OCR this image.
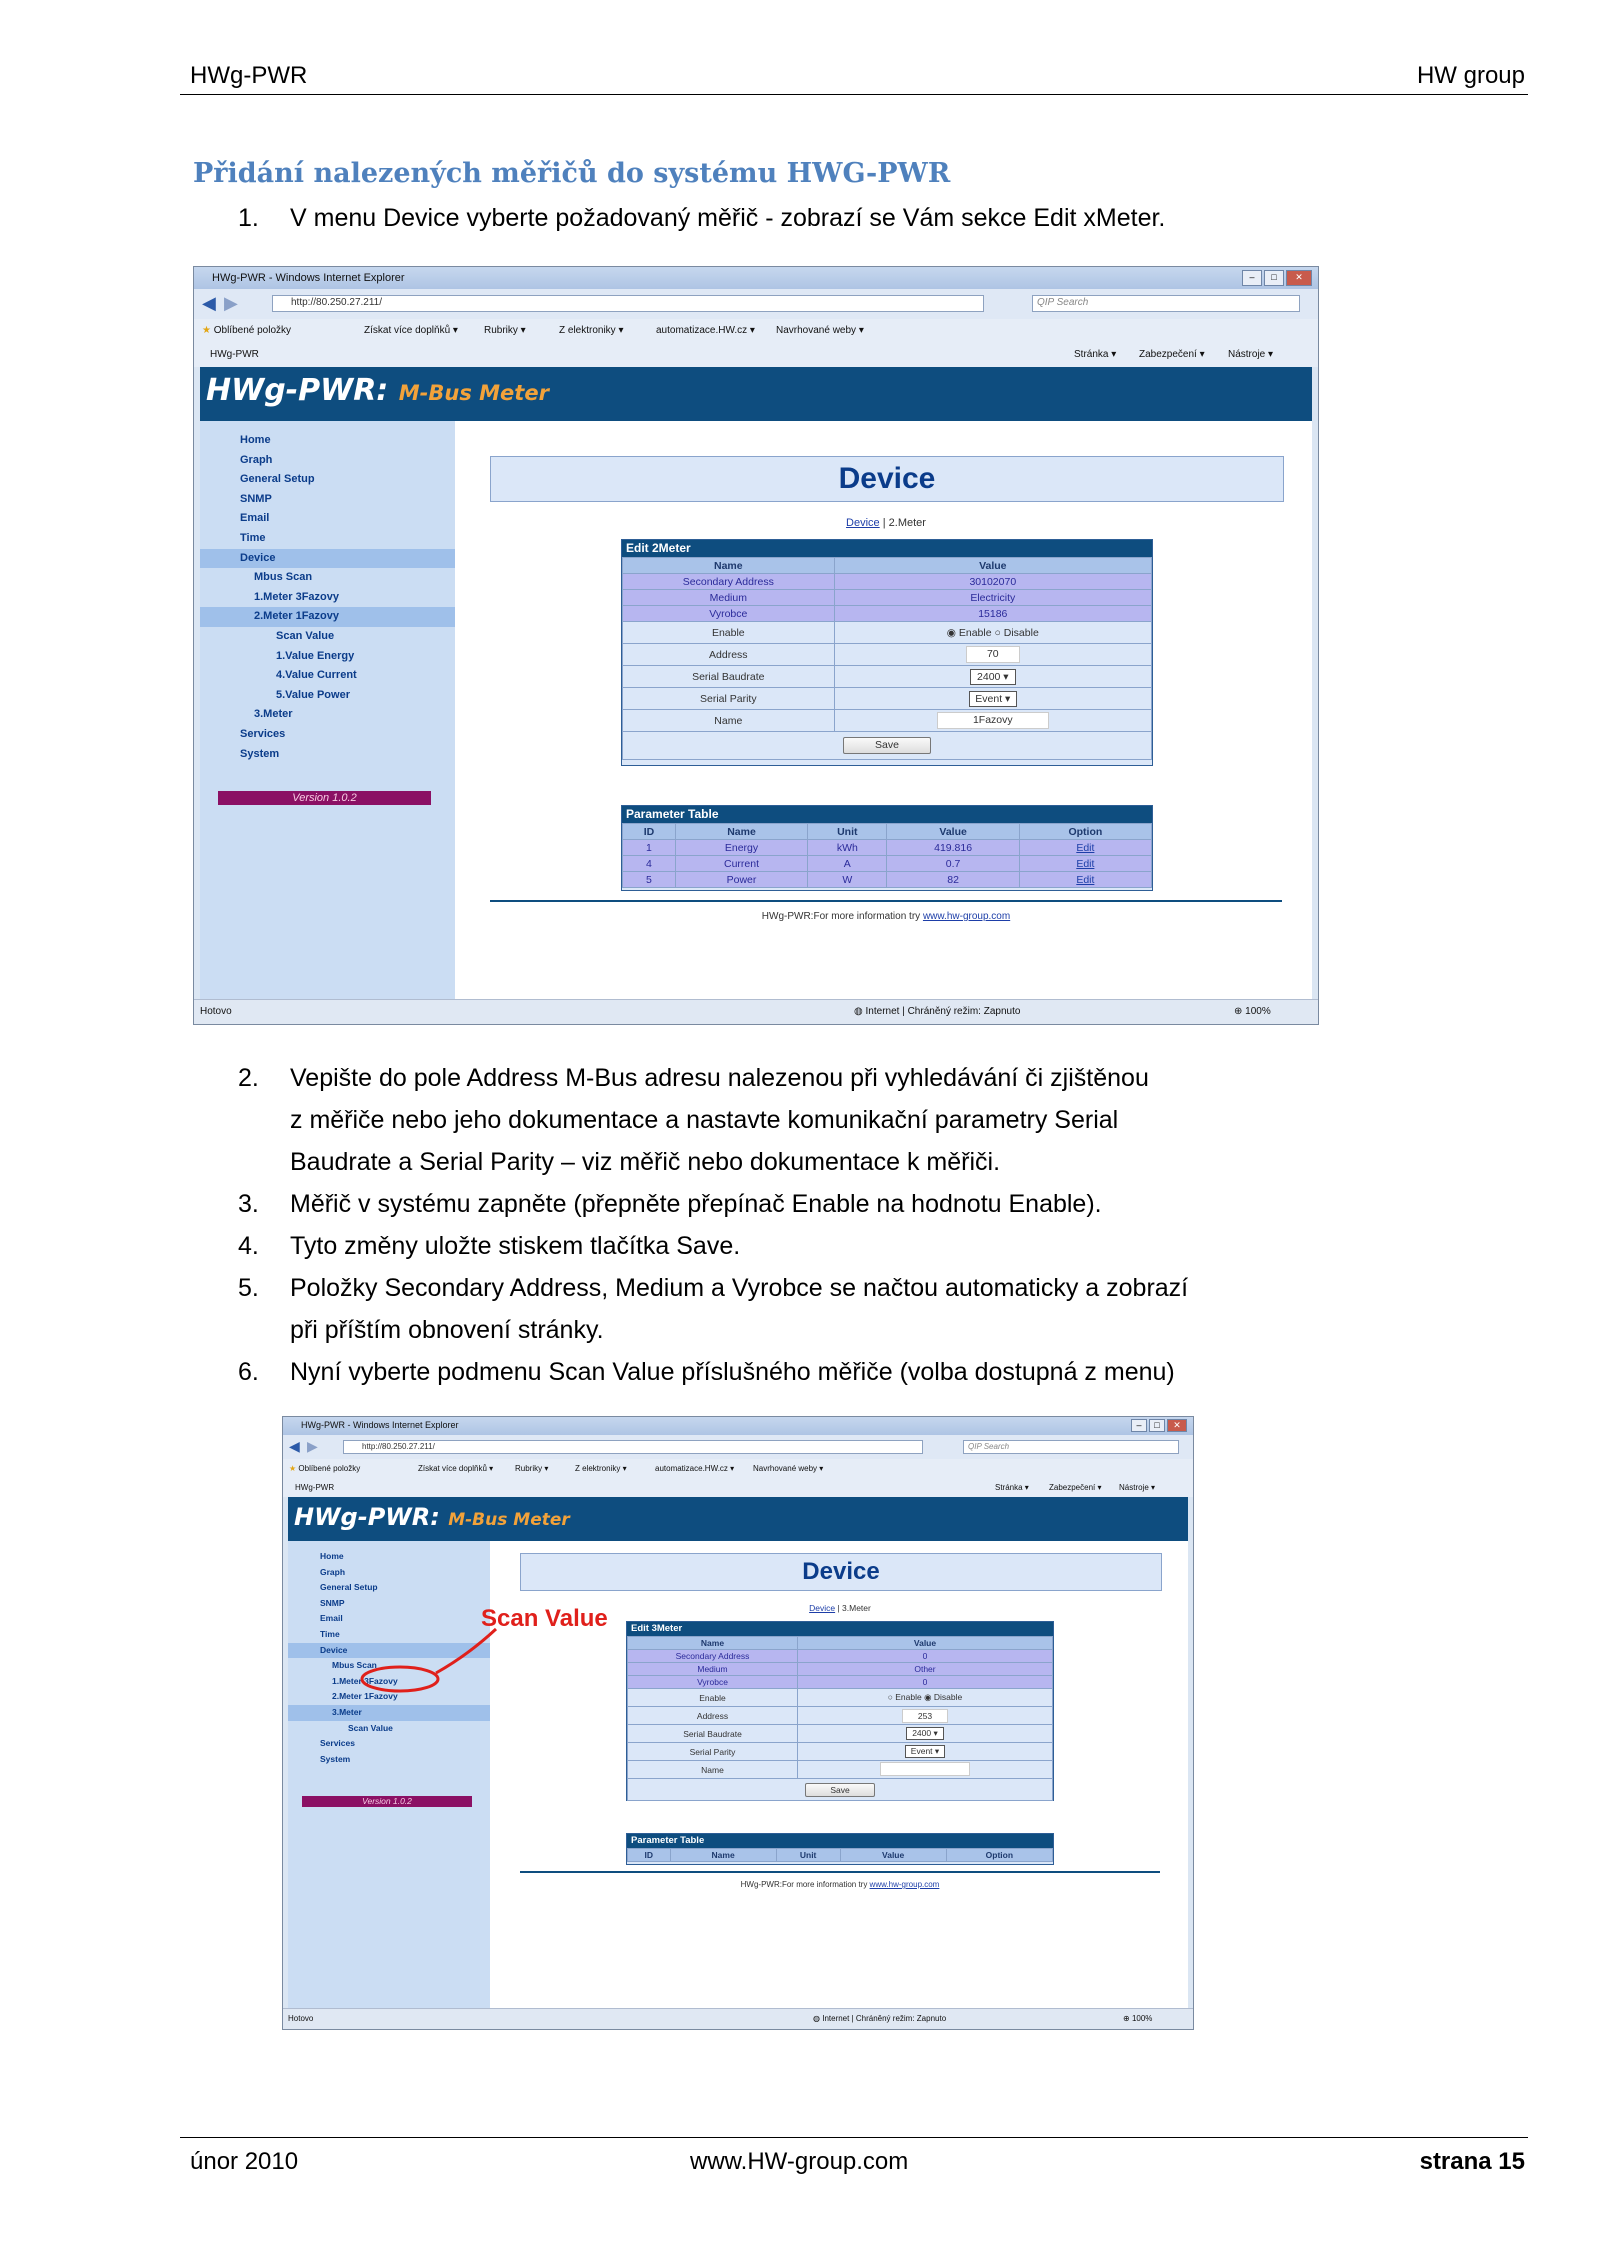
HWg-PWR	HW group
Přidání nalezených měřičů do systému HWG-PWR
1. V menu Device vyberte požadovaný měřič - zobrazí se Vám sekce Edit xMeter.
HWg-PWR - Windows Internet Explorer	–	□	✕
◀ ▶	http://80.250.27.211/	QIP Search
★ Oblíbené položky	Získat více doplňků ▾	Rubriky ▾	Z elektroniky ▾	automatizace.HW.cz ▾ Navrhované weby ▾
HWg-PWR	Stránka ▾ Zabezpečení ▾ Nástroje ▾
HWg-PWR: M-Bus Meter
• Home
• Graph
• General Setup
• SNMP
• Email
• Time
• Device
• Mbus Scan
• 1.Meter 3Fazovy
• 2.Meter 1Fazovy
• Scan Value
• 1.Value Energy
• 4.Value Current
• 5.Value Power
• 3.Meter
• Services
• System
Version 1.0.2
Device
Device | 2.Meter
Edit 2Meter
Name	Value
Secondary Address	30102070
Medium	Electricity
Vyrobce	15186
Enable	◉ Enable ○ Disable
Address	70
Serial Baudrate	2400 ▾
Serial Parity	Event ▾
Name	1Fazovy
Save	
Parameter Table
ID	Name	Unit	Value	Option
1	Energy	kWh	419.816	Edit
4	Current	A	0.7	Edit
5	Power	W	82	Edit
HWg-PWR:For more information try www.hw-group.com
Hotovo	◍ Internet | Chráněný režim: Zapnuto	⊕ 100%
2. Vepište do pole Address M-Bus adresu nalezenou při vyhledávání či zjištěnou
z měřiče nebo jeho dokumentace a nastavte komunikační parametry Serial
Baudrate a Serial Parity – viz měřič nebo dokumentace k měřiči.
3. Měřič v systému zapněte (přepněte přepínač Enable na hodnotu Enable).
4. Tyto změny uložte stiskem tlačítka Save.
5. Položky Secondary Address, Medium a Vyrobce se načtou automaticky a zobrazí
při příštím obnovení stránky.
6. Nyní vyberte podmenu Scan Value příslušného měřiče (volba dostupná z menu)
HWg-PWR - Windows Internet Explorer	–	□	✕
◀ ▶	http://80.250.27.211/	QIP Search
★ Oblíbené položky	Získat více doplňků ▾	Rubriky ▾	Z elektroniky ▾	automatizace.HW.cz ▾ Navrhované weby ▾
HWg-PWR	Stránka ▾	Zabezpečení ▾ Nástroje ▾
HWg-PWR: M-Bus Meter
• Home
• Graph
• General Setup
• SNMP
• Email
• Time
• Device
• Mbus Scan
• 1.Meter 3Fazovy
• 2.Meter 1Fazovy
• 3.Meter
• Scan Value
• Services
• System
Version 1.0.2
Scan Value
Device
Device | 3.Meter
Edit 3Meter
Name	Value
Secondary Address	0
Medium	Other
Vyrobce	0
Enable	○ Enable ◉ Disable
Address	253
Serial Baudrate	2400 ▾
Serial Parity	Event ▾
Name	
Save	
Parameter Table
ID	Name	Unit	Value	Option
HWg-PWR:For more information try www.hw-group.com
Hotovo	◍ Internet | Chráněný režim: Zapnuto	⊕ 100%
únor 2010	www.HW-group.com	strana 15
